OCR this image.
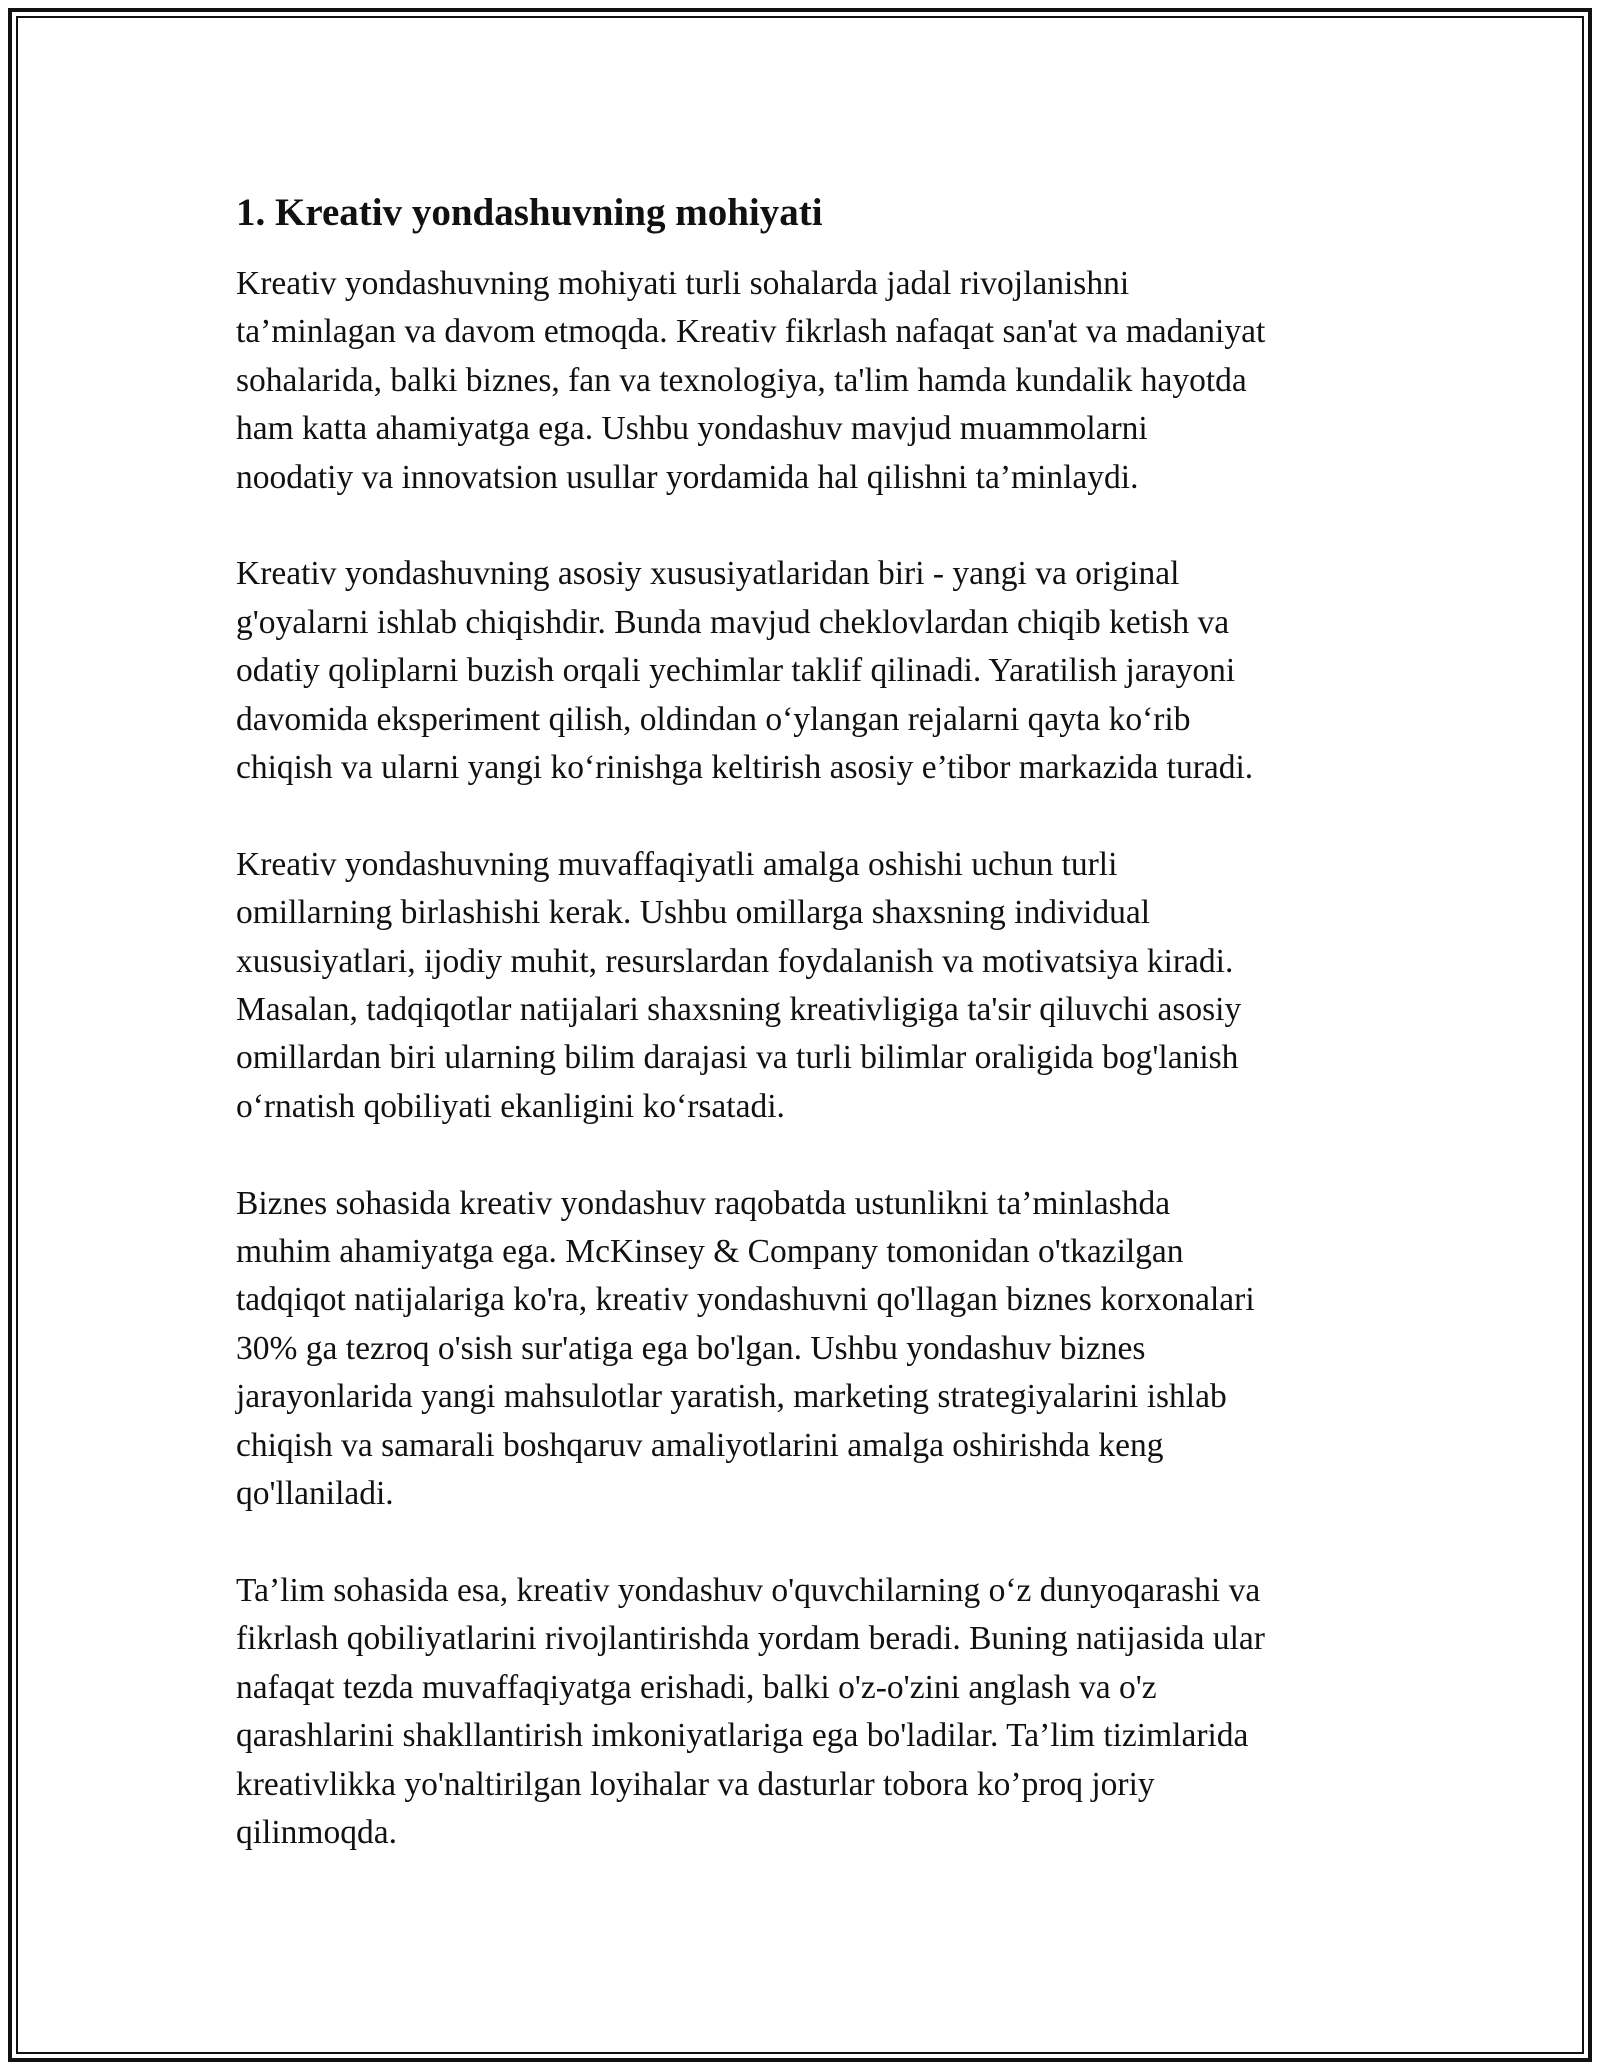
1. Kreativ yondashuvning mohiyati

Kreativ yondashuvning mohiyati turli sohalarda jadal rivojlanishni
ta’minlagan va davom etmoqda. Kreativ fikrlash nafaqat san'at va madaniyat
sohalarida, balki biznes, fan va texnologiya, ta'lim hamda kundalik hayotda
ham katta ahamiyatga ega. Ushbu yondashuv mavjud muammolarni
noodatiy va innovatsion usullar yordamida hal qilishni ta’minlaydi.

Kreativ yondashuvning asosiy xususiyatlaridan biri - yangi va original
g'oyalarni ishlab chiqishdir. Bunda mavjud cheklovlardan chiqib ketish va
odatiy qoliplarni buzish orqali yechimlar taklif qilinadi. Yaratilish jarayoni
davomida eksperiment qilish, oldindan o‘ylangan rejalarni qayta ko‘rib
chiqish va ularni yangi ko‘rinishga keltirish asosiy e’tibor markazida turadi.

Kreativ yondashuvning muvaffaqiyatli amalga oshishi uchun turli
omillarning birlashishi kerak. Ushbu omillarga shaxsning individual
xususiyatlari, ijodiy muhit, resurslardan foydalanish va motivatsiya kiradi.
Masalan, tadqiqotlar natijalari shaxsning kreativligiga ta'sir qiluvchi asosiy
omillardan biri ularning bilim darajasi va turli bilimlar oraligida bog'lanish
o‘rnatish qobiliyati ekanligini ko‘rsatadi.

Biznes sohasida kreativ yondashuv raqobatda ustunlikni ta’minlashda
muhim ahamiyatga ega. McKinsey & Company tomonidan o'tkazilgan
tadqiqot natijalariga ko'ra, kreativ yondashuvni qo'llagan biznes korxonalari
30% ga tezroq o'sish sur'atiga ega bo'lgan. Ushbu yondashuv biznes
jarayonlarida yangi mahsulotlar yaratish, marketing strategiyalarini ishlab
chiqish va samarali boshqaruv amaliyotlarini amalga oshirishda keng
qo'llaniladi.

Ta’lim sohasida esa, kreativ yondashuv o'quvchilarning o‘z dunyoqarashi va
fikrlash qobiliyatlarini rivojlantirishda yordam beradi. Buning natijasida ular
nafaqat tezda muvaffaqiyatga erishadi, balki o'z-o'zini anglash va o'z
qarashlarini shakllantirish imkoniyatlariga ega bo'ladilar. Ta’lim tizimlarida
kreativlikka yo'naltirilgan loyihalar va dasturlar tobora ko’proq joriy
qilinmoqda.
